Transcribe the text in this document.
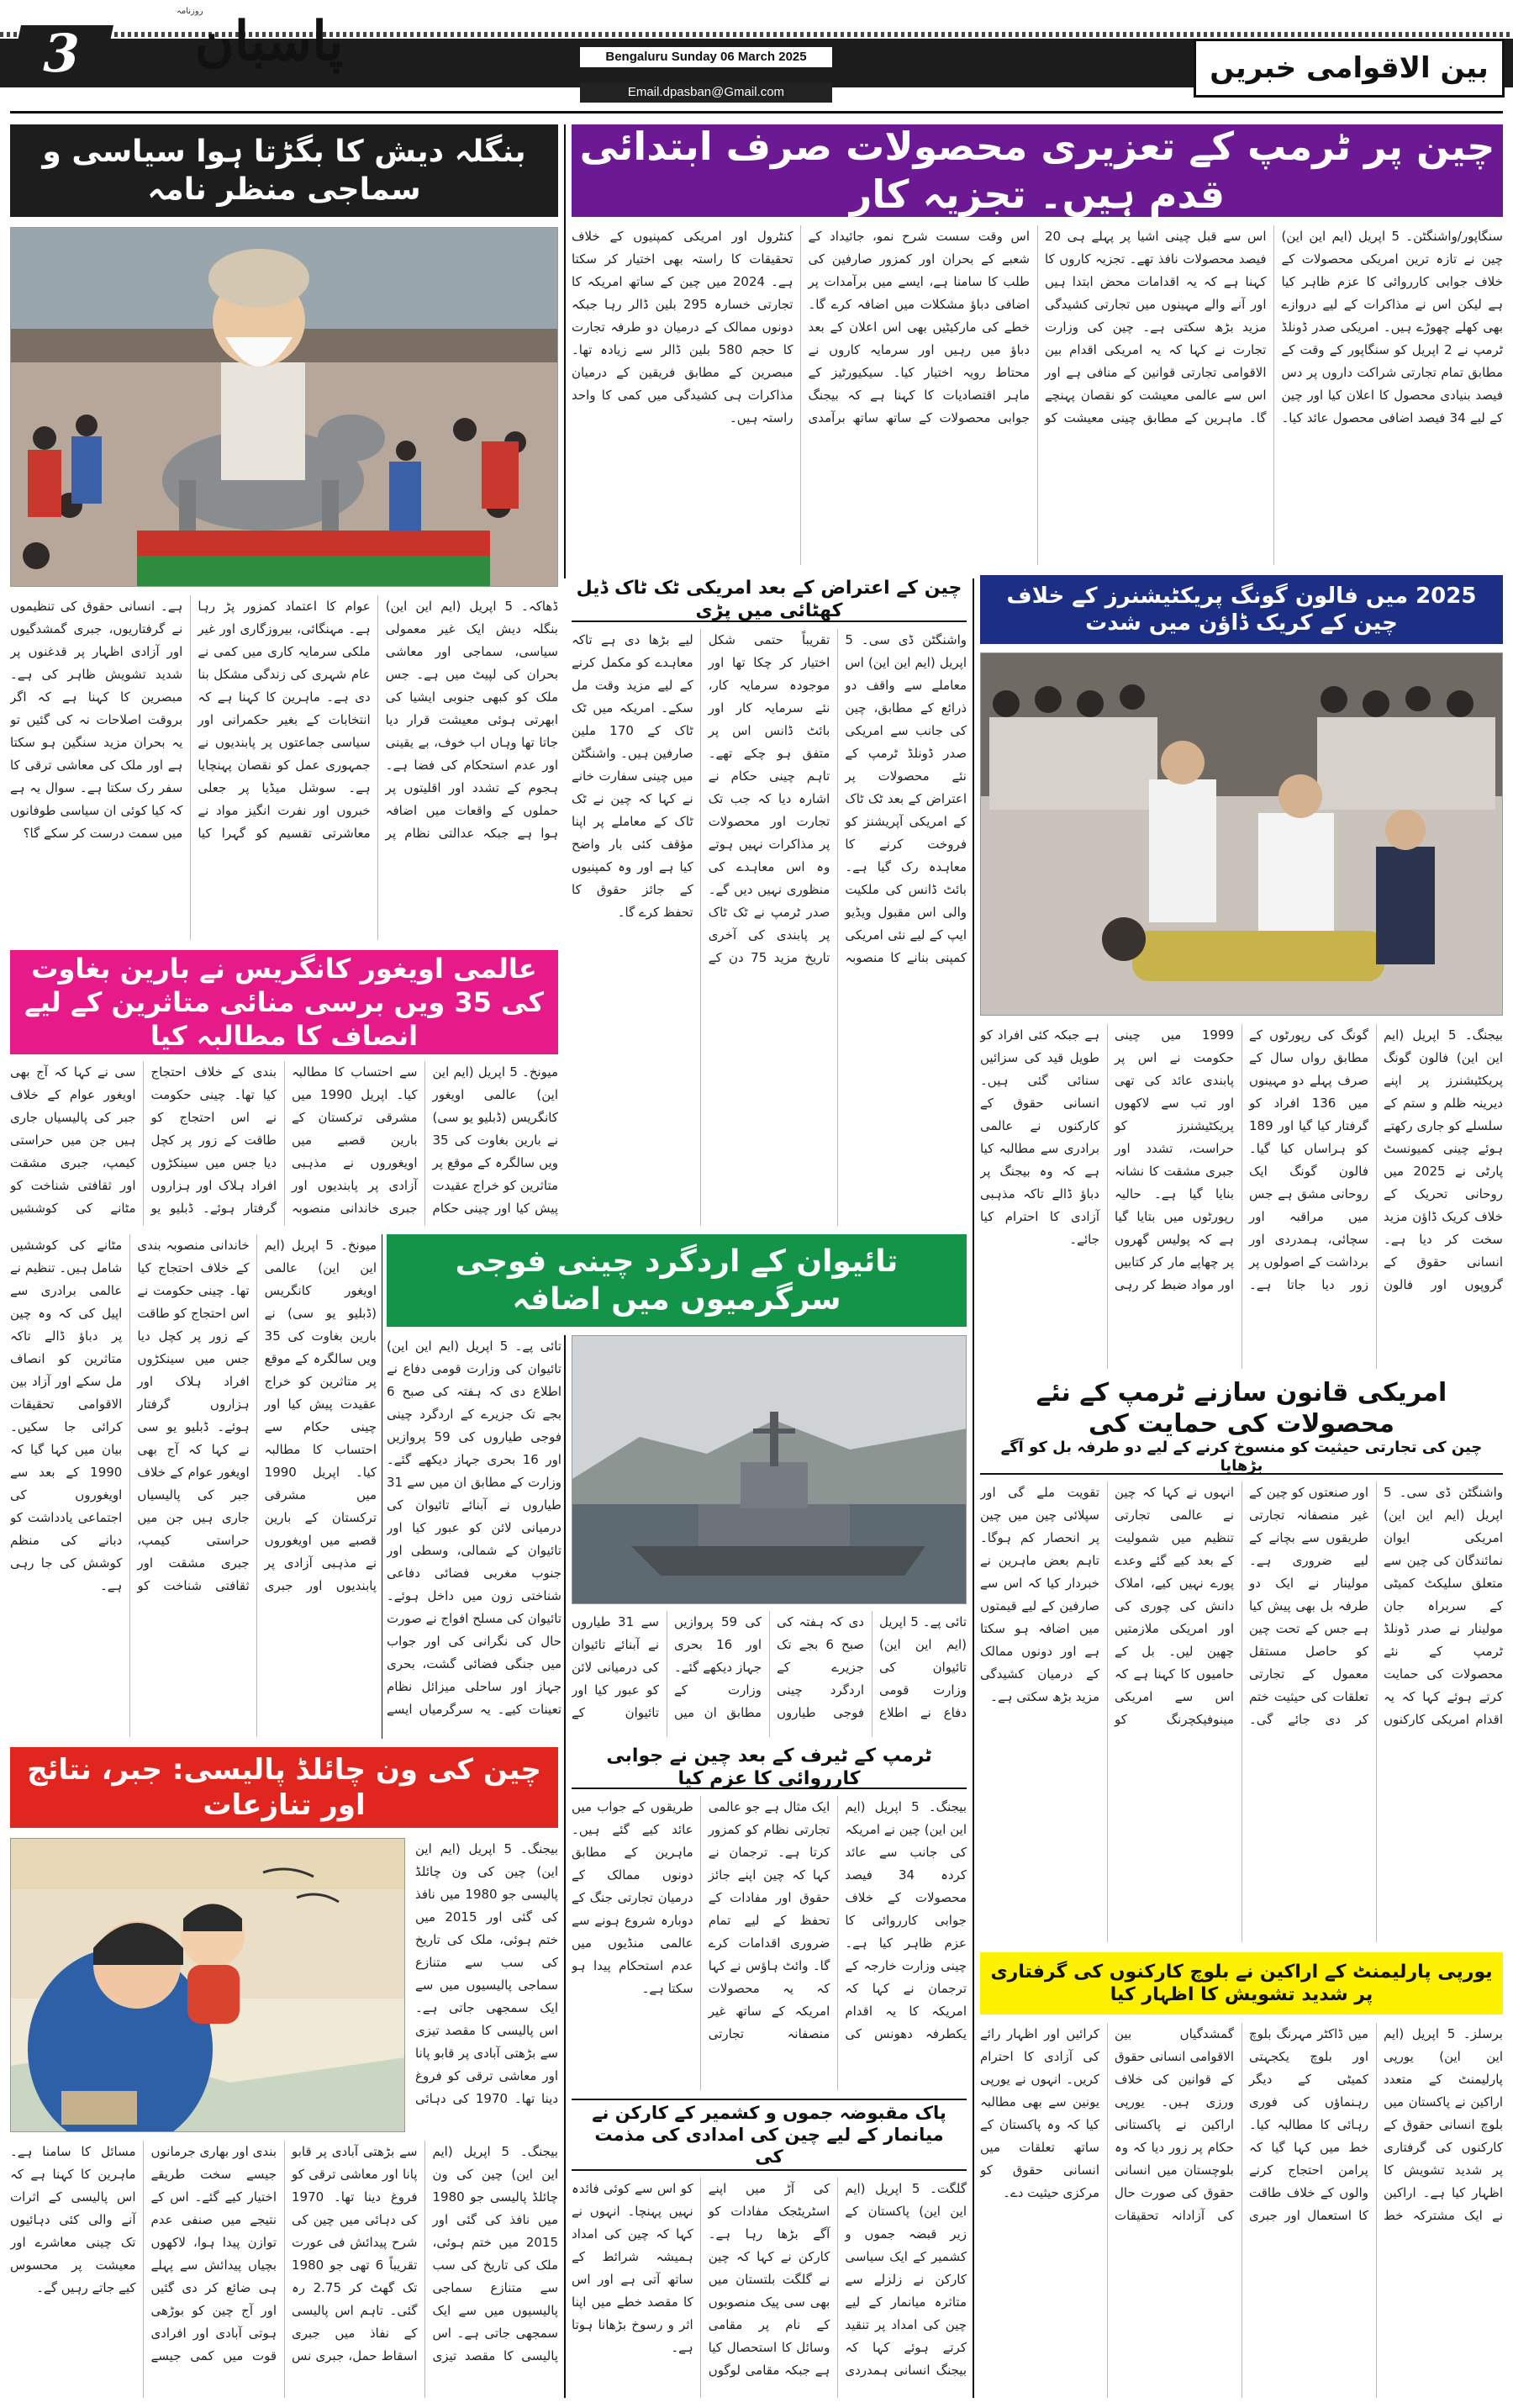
3
روزنامہ
پاسبان	Bengaluru Sunday 06 March 2025
Email.dpasban@Gmail.com
بین الاقوامی خبریں
چین پر ٹرمپ کے تعزیری محصولات صرف ابتدائی قدم ہیں۔ تجزیہ کار
سنگاپور/واشنگٹن۔ 5 اپریل (ایم این این) چین نے تازہ ترین امریکی محصولات کے خلاف جوابی کارروائی کا عزم ظاہر کیا ہے لیکن اس نے مذاکرات کے لیے دروازے بھی کھلے چھوڑے ہیں۔ امریکی صدر ڈونلڈ ٹرمپ نے 2 اپریل کو سنگاپور کے وقت کے مطابق تمام تجارتی شراکت داروں پر دس فیصد بنیادی محصول کا اعلان کیا اور چین کے لیے 34 فیصد اضافی محصول عائد کیا۔ اس سے قبل چینی اشیا پر پہلے ہی 20 فیصد محصولات نافذ تھے۔ تجزیہ کاروں کا کہنا ہے کہ یہ اقدامات محض ابتدا ہیں اور آنے والے مہینوں میں تجارتی کشیدگی مزید بڑھ سکتی ہے۔ چین کی وزارت تجارت نے کہا کہ یہ امریکی اقدام بین الاقوامی تجارتی قوانین کے منافی ہے اور اس سے عالمی معیشت کو نقصان پہنچے گا۔ ماہرین کے مطابق چینی معیشت کو اس وقت سست شرح نمو، جائیداد کے شعبے کے بحران اور کمزور صارفین کی طلب کا سامنا ہے، ایسے میں برآمدات پر اضافی دباؤ مشکلات میں اضافہ کرے گا۔ خطے کی مارکیٹیں بھی اس اعلان کے بعد دباؤ میں رہیں اور سرمایہ کاروں نے محتاط رویہ اختیار کیا۔ سیکیورٹیز کے ماہر اقتصادیات کا کہنا ہے کہ بیجنگ جوابی محصولات کے ساتھ ساتھ برآمدی کنٹرول اور امریکی کمپنیوں کے خلاف تحقیقات کا راستہ بھی اختیار کر سکتا ہے۔ 2024 میں چین کے ساتھ امریکہ کا تجارتی خسارہ 295 بلین ڈالر رہا جبکہ دونوں ممالک کے درمیان دو طرفہ تجارت کا حجم 580 بلین ڈالر سے زیادہ تھا۔ مبصرین کے مطابق فریقین کے درمیان مذاکرات ہی کشیدگی میں کمی کا واحد راستہ ہیں۔
بنگلہ دیش کا بگڑتا ہوا سیاسی و سماجی منظر نامہ
ڈھاکہ۔ 5 اپریل (ایم این این) بنگلہ دیش ایک غیر معمولی سیاسی، سماجی اور معاشی بحران کی لپیٹ میں ہے۔ جس ملک کو کبھی جنوبی ایشیا کی ابھرتی ہوئی معیشت قرار دیا جاتا تھا وہاں اب خوف، بے یقینی اور عدم استحکام کی فضا ہے۔ ہجوم کے تشدد اور اقلیتوں پر حملوں کے واقعات میں اضافہ ہوا ہے جبکہ عدالتی نظام پر عوام کا اعتماد کمزور پڑ رہا ہے۔ مہنگائی، بیروزگاری اور غیر ملکی سرمایہ کاری میں کمی نے عام شہری کی زندگی مشکل بنا دی ہے۔ ماہرین کا کہنا ہے کہ انتخابات کے بغیر حکمرانی اور سیاسی جماعتوں پر پابندیوں نے جمہوری عمل کو نقصان پہنچایا ہے۔ سوشل میڈیا پر جعلی خبروں اور نفرت انگیز مواد نے معاشرتی تقسیم کو گہرا کیا ہے۔ انسانی حقوق کی تنظیموں نے گرفتاریوں، جبری گمشدگیوں اور آزادی اظہار پر قدغنوں پر شدید تشویش ظاہر کی ہے۔ مبصرین کا کہنا ہے کہ اگر بروقت اصلاحات نہ کی گئیں تو یہ بحران مزید سنگین ہو سکتا ہے اور ملک کی معاشی ترقی کا سفر رک سکتا ہے۔ سوال یہ ہے کہ کیا کوئی ان سیاسی طوفانوں میں سمت درست کر سکے گا؟
عالمی اویغور کانگریس نے بارین بغاوت کی 35 ویں برسی منائی متاثرین کے لیے انصاف کا مطالبہ کیا
میونخ۔ 5 اپریل (ایم این این) عالمی اویغور کانگریس (ڈبلیو یو سی) نے بارین بغاوت کی 35 ویں سالگرہ کے موقع پر متاثرین کو خراج عقیدت پیش کیا اور چینی حکام سے احتساب کا مطالبہ کیا۔ اپریل 1990 میں مشرقی ترکستان کے بارین قصبے میں اویغوروں نے مذہبی آزادی پر پابندیوں اور جبری خاندانی منصوبہ بندی کے خلاف احتجاج کیا تھا۔ چینی حکومت نے اس احتجاج کو طاقت کے زور پر کچل دیا جس میں سینکڑوں افراد ہلاک اور ہزاروں گرفتار ہوئے۔ ڈبلیو یو سی نے کہا کہ آج بھی اویغور عوام کے خلاف جبر کی پالیسیاں جاری ہیں جن میں حراستی کیمپ، جبری مشقت اور ثقافتی شناخت کو مٹانے کی کوششیں
چین کے اعتراض کے بعد امریکی ٹک ٹاک ڈیل کھٹائی میں پڑی
واشنگٹن ڈی سی۔ 5 اپریل (ایم این این) اس معاملے سے واقف دو ذرائع کے مطابق، چین کی جانب سے امریکی صدر ڈونلڈ ٹرمپ کے نئے محصولات پر اعتراض کے بعد ٹک ٹاک کے امریکی آپریشنز کو فروخت کرنے کا معاہدہ رک گیا ہے۔ بائٹ ڈانس کی ملکیت والی اس مقبول ویڈیو ایپ کے لیے نئی امریکی کمپنی بنانے کا منصوبہ تقریباً حتمی شکل اختیار کر چکا تھا اور موجودہ سرمایہ کار، نئے سرمایہ کار اور بائٹ ڈانس اس پر متفق ہو چکے تھے۔ تاہم چینی حکام نے اشارہ دیا کہ جب تک تجارت اور محصولات پر مذاکرات نہیں ہوتے وہ اس معاہدے کی منظوری نہیں دیں گے۔ صدر ٹرمپ نے ٹک ٹاک پر پابندی کی آخری تاریخ مزید 75 دن کے لیے بڑھا دی ہے تاکہ معاہدے کو مکمل کرنے کے لیے مزید وقت مل سکے۔ امریکہ میں ٹک ٹاک کے 170 ملین صارفین ہیں۔ واشنگٹن میں چینی سفارت خانے نے کہا کہ چین نے ٹک ٹاک کے معاملے پر اپنا مؤقف کئی بار واضح کیا ہے اور وہ کمپنیوں کے جائز حقوق کا تحفظ کرے گا۔
2025 میں فالون گونگ پریکٹیشنرز کے خلاف چین کے کریک ڈاؤن میں شدت
بیجنگ۔ 5 اپریل (ایم این این) فالون گونگ پریکٹیشنرز پر اپنے دیرینہ ظلم و ستم کے سلسلے کو جاری رکھتے ہوئے چینی کمیونسٹ پارٹی نے 2025 میں روحانی تحریک کے خلاف کریک ڈاؤن مزید سخت کر دیا ہے۔ انسانی حقوق کے گروپوں اور فالون گونگ کی رپورٹوں کے مطابق رواں سال کے صرف پہلے دو مہینوں میں 136 افراد کو گرفتار کیا گیا اور 189 کو ہراساں کیا گیا۔ فالون گونگ ایک روحانی مشق ہے جس میں مراقبہ اور سچائی، ہمدردی اور برداشت کے اصولوں پر زور دیا جاتا ہے۔ 1999 میں چینی حکومت نے اس پر پابندی عائد کی تھی اور تب سے لاکھوں پریکٹیشنرز کو حراست، تشدد اور جبری مشقت کا نشانہ بنایا گیا ہے۔ حالیہ رپورٹوں میں بتایا گیا ہے کہ پولیس گھروں پر چھاپے مار کر کتابیں اور مواد ضبط کر رہی ہے جبکہ کئی افراد کو طویل قید کی سزائیں سنائی گئی ہیں۔ انسانی حقوق کے کارکنوں نے عالمی برادری سے مطالبہ کیا ہے کہ وہ بیجنگ پر دباؤ ڈالے تاکہ مذہبی آزادی کا احترام کیا جائے۔
تائیوان کے اردگرد چینی فوجی سرگرمیوں میں اضافہ
تائی پے۔ 5 اپریل (ایم این این) تائیوان کی وزارت قومی دفاع نے اطلاع دی کہ ہفتہ کی صبح 6 بجے تک جزیرے کے اردگرد چینی فوجی طیاروں کی 59 پروازیں اور 16 بحری جہاز دیکھے گئے۔ وزارت کے مطابق ان میں سے 31 طیاروں نے آبنائے تائیوان کی درمیانی لائن کو عبور کیا اور تائیوان کے شمالی، وسطی اور جنوب مغربی فضائی دفاعی شناختی زون میں داخل ہوئے۔ تائیوان کی مسلح افواج نے صورت حال کی نگرانی کی اور جواب میں جنگی فضائی گشت، بحری جہاز اور ساحلی میزائل نظام تعینات کیے۔ یہ سرگرمیاں ایسے
تائی پے۔ 5 اپریل (ایم این این) تائیوان کی وزارت قومی دفاع نے اطلاع دی کہ ہفتہ کی صبح 6 بجے تک جزیرے کے اردگرد چینی فوجی طیاروں کی 59 پروازیں اور 16 بحری جہاز دیکھے گئے۔ وزارت کے مطابق ان میں سے 31 طیاروں نے آبنائے تائیوان کی درمیانی لائن کو عبور کیا اور تائیوان کے
میونخ۔ 5 اپریل (ایم این این) عالمی اویغور کانگریس (ڈبلیو یو سی) نے بارین بغاوت کی 35 ویں سالگرہ کے موقع پر متاثرین کو خراج عقیدت پیش کیا اور چینی حکام سے احتساب کا مطالبہ کیا۔ اپریل 1990 میں مشرقی ترکستان کے بارین قصبے میں اویغوروں نے مذہبی آزادی پر پابندیوں اور جبری خاندانی منصوبہ بندی کے خلاف احتجاج کیا تھا۔ چینی حکومت نے اس احتجاج کو طاقت کے زور پر کچل دیا جس میں سینکڑوں افراد ہلاک اور ہزاروں گرفتار ہوئے۔ ڈبلیو یو سی نے کہا کہ آج بھی اویغور عوام کے خلاف جبر کی پالیسیاں جاری ہیں جن میں حراستی کیمپ، جبری مشقت اور ثقافتی شناخت کو مٹانے کی کوششیں شامل ہیں۔ تنظیم نے عالمی برادری سے اپیل کی کہ وہ چین پر دباؤ ڈالے تاکہ متاثرین کو انصاف مل سکے اور آزاد بین الاقوامی تحقیقات کرائی جا سکیں۔ بیان میں کہا گیا کہ 1990 کے بعد سے اویغوروں کی اجتماعی یادداشت کو دبانے کی منظم کوشش کی جا رہی ہے۔
امریکی قانون سازنے ٹرمپ کے نئے محصولات کی حمایت کی
چین کی تجارتی حیثیت کو منسوخ کرنے کے لیے دو طرفہ بل کو آگے بڑھایا
واشنگٹن ڈی سی۔ 5 اپریل (ایم این این) امریکی ایوان نمائندگان کی چین سے متعلق سلیکٹ کمیٹی کے سربراہ جان مولینار نے صدر ڈونلڈ ٹرمپ کے نئے محصولات کی حمایت کرتے ہوئے کہا کہ یہ اقدام امریکی کارکنوں اور صنعتوں کو چین کے غیر منصفانہ تجارتی طریقوں سے بچانے کے لیے ضروری ہے۔ مولینار نے ایک دو طرفہ بل بھی پیش کیا ہے جس کے تحت چین کو حاصل مستقل معمول کے تجارتی تعلقات کی حیثیت ختم کر دی جائے گی۔ انہوں نے کہا کہ چین نے عالمی تجارتی تنظیم میں شمولیت کے بعد کیے گئے وعدے پورے نہیں کیے، املاک دانش کی چوری کی اور امریکی ملازمتیں چھین لیں۔ بل کے حامیوں کا کہنا ہے کہ اس سے امریکی مینوفیکچرنگ کو تقویت ملے گی اور سپلائی چین میں چین پر انحصار کم ہوگا۔ تاہم بعض ماہرین نے خبردار کیا کہ اس سے صارفین کے لیے قیمتوں میں اضافہ ہو سکتا ہے اور دونوں ممالک کے درمیان کشیدگی مزید بڑھ سکتی ہے۔
چین کی ون چائلڈ پالیسی: جبر، نتائج اور تنازعات
بیجنگ۔ 5 اپریل (ایم این این) چین کی ون چائلڈ پالیسی جو 1980 میں نافذ کی گئی اور 2015 میں ختم ہوئی، ملک کی تاریخ کی سب سے متنازع سماجی پالیسیوں میں سے ایک سمجھی جاتی ہے۔ اس پالیسی کا مقصد تیزی سے بڑھتی آبادی پر قابو پانا اور معاشی ترقی کو فروغ دینا تھا۔ 1970 کی دہائی
بیجنگ۔ 5 اپریل (ایم این این) چین کی ون چائلڈ پالیسی جو 1980 میں نافذ کی گئی اور 2015 میں ختم ہوئی، ملک کی تاریخ کی سب سے متنازع سماجی پالیسیوں میں سے ایک سمجھی جاتی ہے۔ اس پالیسی کا مقصد تیزی سے بڑھتی آبادی پر قابو پانا اور معاشی ترقی کو فروغ دینا تھا۔ 1970 کی دہائی میں چین کی شرح پیدائش فی عورت تقریباً 6 تھی جو 1980 تک گھٹ کر 2.75 رہ گئی۔ تاہم اس پالیسی کے نفاذ میں جبری اسقاط حمل، جبری نس بندی اور بھاری جرمانوں جیسے سخت طریقے اختیار کیے گئے۔ اس کے نتیجے میں صنفی عدم توازن پیدا ہوا، لاکھوں بچیاں پیدائش سے پہلے ہی ضائع کر دی گئیں اور آج چین کو بوڑھی ہوتی آبادی اور افرادی قوت میں کمی جیسے مسائل کا سامنا ہے۔ ماہرین کا کہنا ہے کہ اس پالیسی کے اثرات آنے والی کئی دہائیوں تک چینی معاشرے اور معیشت پر محسوس کیے جاتے رہیں گے۔
ٹرمپ کے ٹیرف کے بعد چین نے جوابی کارروائی کا عزم کیا
بیجنگ۔ 5 اپریل (ایم این این) چین نے امریکہ کی جانب سے عائد کردہ 34 فیصد محصولات کے خلاف جوابی کارروائی کا عزم ظاہر کیا ہے۔ چینی وزارت خارجہ کے ترجمان نے کہا کہ امریکہ کا یہ اقدام یکطرفہ دھونس کی ایک مثال ہے جو عالمی تجارتی نظام کو کمزور کرتا ہے۔ ترجمان نے کہا کہ چین اپنے جائز حقوق اور مفادات کے تحفظ کے لیے تمام ضروری اقدامات کرے گا۔ وائٹ ہاؤس نے کہا کہ یہ محصولات امریکہ کے ساتھ غیر منصفانہ تجارتی طریقوں کے جواب میں عائد کیے گئے ہیں۔ ماہرین کے مطابق دونوں ممالک کے درمیان تجارتی جنگ کے دوبارہ شروع ہونے سے عالمی منڈیوں میں عدم استحکام پیدا ہو سکتا ہے۔
پاک مقبوضہ جموں و کشمیر کے کارکن نے میانمار کے لیے چین کی امدادی کی مذمت کی
گلگت۔ 5 اپریل (ایم این این) پاکستان کے زیر قبضہ جموں و کشمیر کے ایک سیاسی کارکن نے زلزلے سے متاثرہ میانمار کے لیے چین کی امداد پر تنقید کرتے ہوئے کہا کہ بیجنگ انسانی ہمدردی کی آڑ میں اپنے اسٹریٹجک مفادات کو آگے بڑھا رہا ہے۔ کارکن نے کہا کہ چین نے گلگت بلتستان میں بھی سی پیک منصوبوں کے نام پر مقامی وسائل کا استحصال کیا ہے جبکہ مقامی لوگوں کو اس سے کوئی فائدہ نہیں پہنچا۔ انہوں نے کہا کہ چین کی امداد ہمیشہ شرائط کے ساتھ آتی ہے اور اس کا مقصد خطے میں اپنا اثر و رسوخ بڑھانا ہوتا ہے۔
یورپی پارلیمنٹ کے اراکین نے بلوچ کارکنوں کی گرفتاری پر شدید تشویش کا اظہار کیا
برسلز۔ 5 اپریل (ایم این این) یورپی پارلیمنٹ کے متعدد اراکین نے پاکستان میں بلوچ انسانی حقوق کے کارکنوں کی گرفتاری پر شدید تشویش کا اظہار کیا ہے۔ اراکین نے ایک مشترکہ خط میں ڈاکٹر مہرنگ بلوچ اور بلوچ یکجہتی کمیٹی کے دیگر رہنماؤں کی فوری رہائی کا مطالبہ کیا۔ خط میں کہا گیا کہ پرامن احتجاج کرنے والوں کے خلاف طاقت کا استعمال اور جبری گمشدگیاں بین الاقوامی انسانی حقوق کے قوانین کی خلاف ورزی ہیں۔ یورپی اراکین نے پاکستانی حکام پر زور دیا کہ وہ بلوچستان میں انسانی حقوق کی صورت حال کی آزادانہ تحقیقات کرائیں اور اظہار رائے کی آزادی کا احترام کریں۔ انہوں نے یورپی یونین سے بھی مطالبہ کیا کہ وہ پاکستان کے ساتھ تعلقات میں انسانی حقوق کو مرکزی حیثیت دے۔
